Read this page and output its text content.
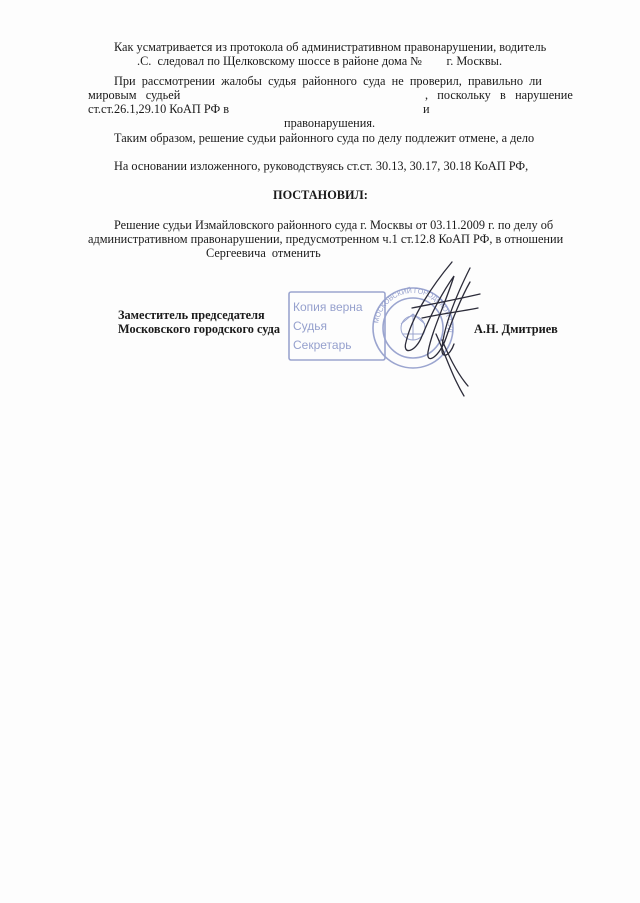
Как усматривается из протокола об административном правонарушении, водитель
.С.  следовал по Щелковскому шоссе в районе дома №        г. Москвы.
При  рассмотрении  жалобы  судья  районного  суда  не  проверил,  правильно  ли
мировым   судьей	,   поскольку   в   нарушение
ст.ст.26.1,29.10 КоАП РФ в	и
правонарушения.
Таким образом, решение судьи районного суда по делу подлежит отмене, а дело
На основании изложенного, руководствуясь ст.ст. 30.13, 30.17, 30.18 КоАП РФ,
ПОСТАНОВИЛ:
Решение судьи Измайловского районного суда г. Москвы от 03.11.2009 г. по делу об
административном правонарушении, предусмотренном ч.1 ст.12.8 КоАП РФ, в отношении
Сергеевича  отменить
Заместитель председателя
Московского городского суда	А.Н. Дмитриев
Копия верна
Судья
Секретарь
МОСКОВСКИЙ ГОРОДСКОЙ СУД
